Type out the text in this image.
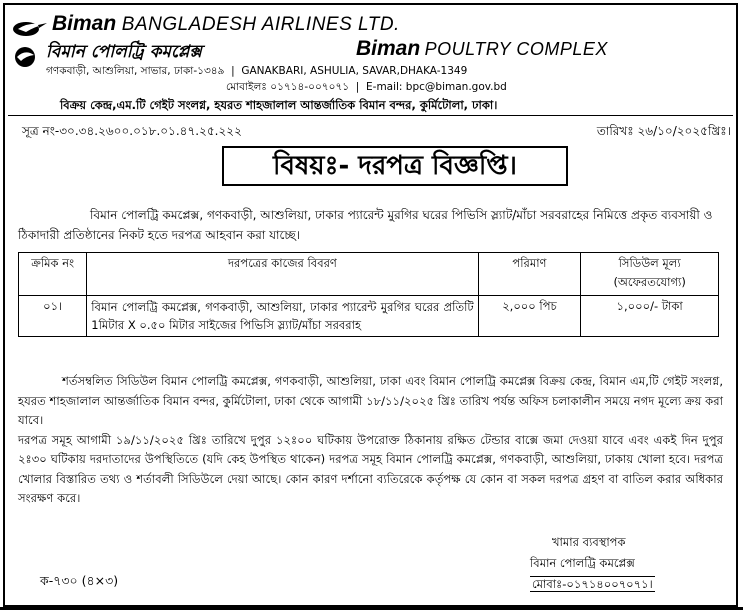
Biman BANGLADESH AIRLINES LTD.
বিমান পোলট্রি কমপ্লেক্স	Biman POULTRY COMPLEX
গণকবাড়ী, আশুলিয়া, সাভার, ঢাকা-১৩৪৯  |  GANAKBARI, ASHULIA, SAVAR,DHAKA-1349
মোবাইলঃ ০১৭১৪-০০৭০৭১  |  E-mail: bpc@biman.gov.bd
বিক্রয় কেন্দ্র,এম.টি গেইট সংলগ্ন, হযরত শাহজালাল আন্তর্জাতিক বিমান বন্দর, কুর্মিটোলা, ঢাকা।
সূত্র নং-৩০.৩৪.২৬০০.০১৮.০১.৪৭.২৫.২২২	তারিখঃ ২৬/১০/২০২৫খ্রিঃ।
বিষয়ঃ- দরপত্র বিজ্ঞপ্তি।
বিমান পোলট্রি কমপ্লেক্স, গণকবাড়ী, আশুলিয়া, ঢাকার প্যারেন্ট মুরগির ঘরের পিভিসি স্ল্যাট/মাঁচা সরবরাহের নিমিত্তে প্রকৃত ব্যবসায়ী ও ঠিকাদারী প্রতিষ্ঠানের নিকট হতে দরপত্র আহবান করা যাচ্ছে।
ক্রমিক নং	দরপত্রের কাজের বিবরণ	পরিমাণ	সিডিউল মূল্য (অফেরতযোগ্য)
০১।	বিমান পোলট্রি কমপ্লেক্স, গণকবাড়ী, আশুলিয়া, ঢাকার প্যারেন্ট মুরগির ঘরের প্রতিটি 1মিটার X ০.৫০ মিটার সাইজের পিভিসি স্ল্যাট/মাঁচা সরবরাহ	২,০০০ পিচ	১,০০০/- টাকা

শর্তসম্বলিত সিডিউল বিমান পোলট্রি কমপ্লেক্স, গণকবাড়ী, আশুলিয়া, ঢাকা এবং বিমান পোলট্রি কমপ্লেক্স বিক্রয় কেন্দ্র, বিমান এম,টি গেইট সংলগ্ন, হযরত শাহজালাল আন্তর্জাতিক বিমান বন্দর, কুর্মিটোলা, ঢাকা থেকে আগামী ১৮/১১/২০২৫ খ্রিঃ তারিখ পর্যন্ত অফিস চলাকালীন সময়ে নগদ মূল্যে ক্রয় করা যাবে।

দরপত্র সমূহ আগামী ১৯/১১/২০২৫ খ্রিঃ তারিখে দুপুর ১২ঃ০০ ঘটিকায় উপরোক্ত ঠিকানায় রক্ষিত টেন্ডার বাক্সে জমা দেওয়া যাবে এবং একই দিন দুপুর ২ঃ৩০ ঘটিকায় দরদাতাদের উপস্থিতিতে (যদি কেহ উপস্থিত থাকেন) দরপত্র সমূহ বিমান পোলট্রি কমপ্লেক্স, গণকবাড়ী, আশুলিয়া, ঢাকায় খোলা হবে। দরপত্র খোলার বিস্তারিত তথ্য ও শর্তাবলী সিডিউলে দেয়া আছে। কোন কারণ দর্শানো ব্যতিরেকে কর্তৃপক্ষ যে কোন বা সকল দরপত্র গ্রহণ বা বাতিল করার অধিকার সংরক্ষণ করে।

খামার ব্যবস্থাপক
বিমান পোলট্রি কমপ্লেক্স
মোবাঃ-০১৭১৪০০৭০৭১।
ক-৭৩০ (৪×৩)
